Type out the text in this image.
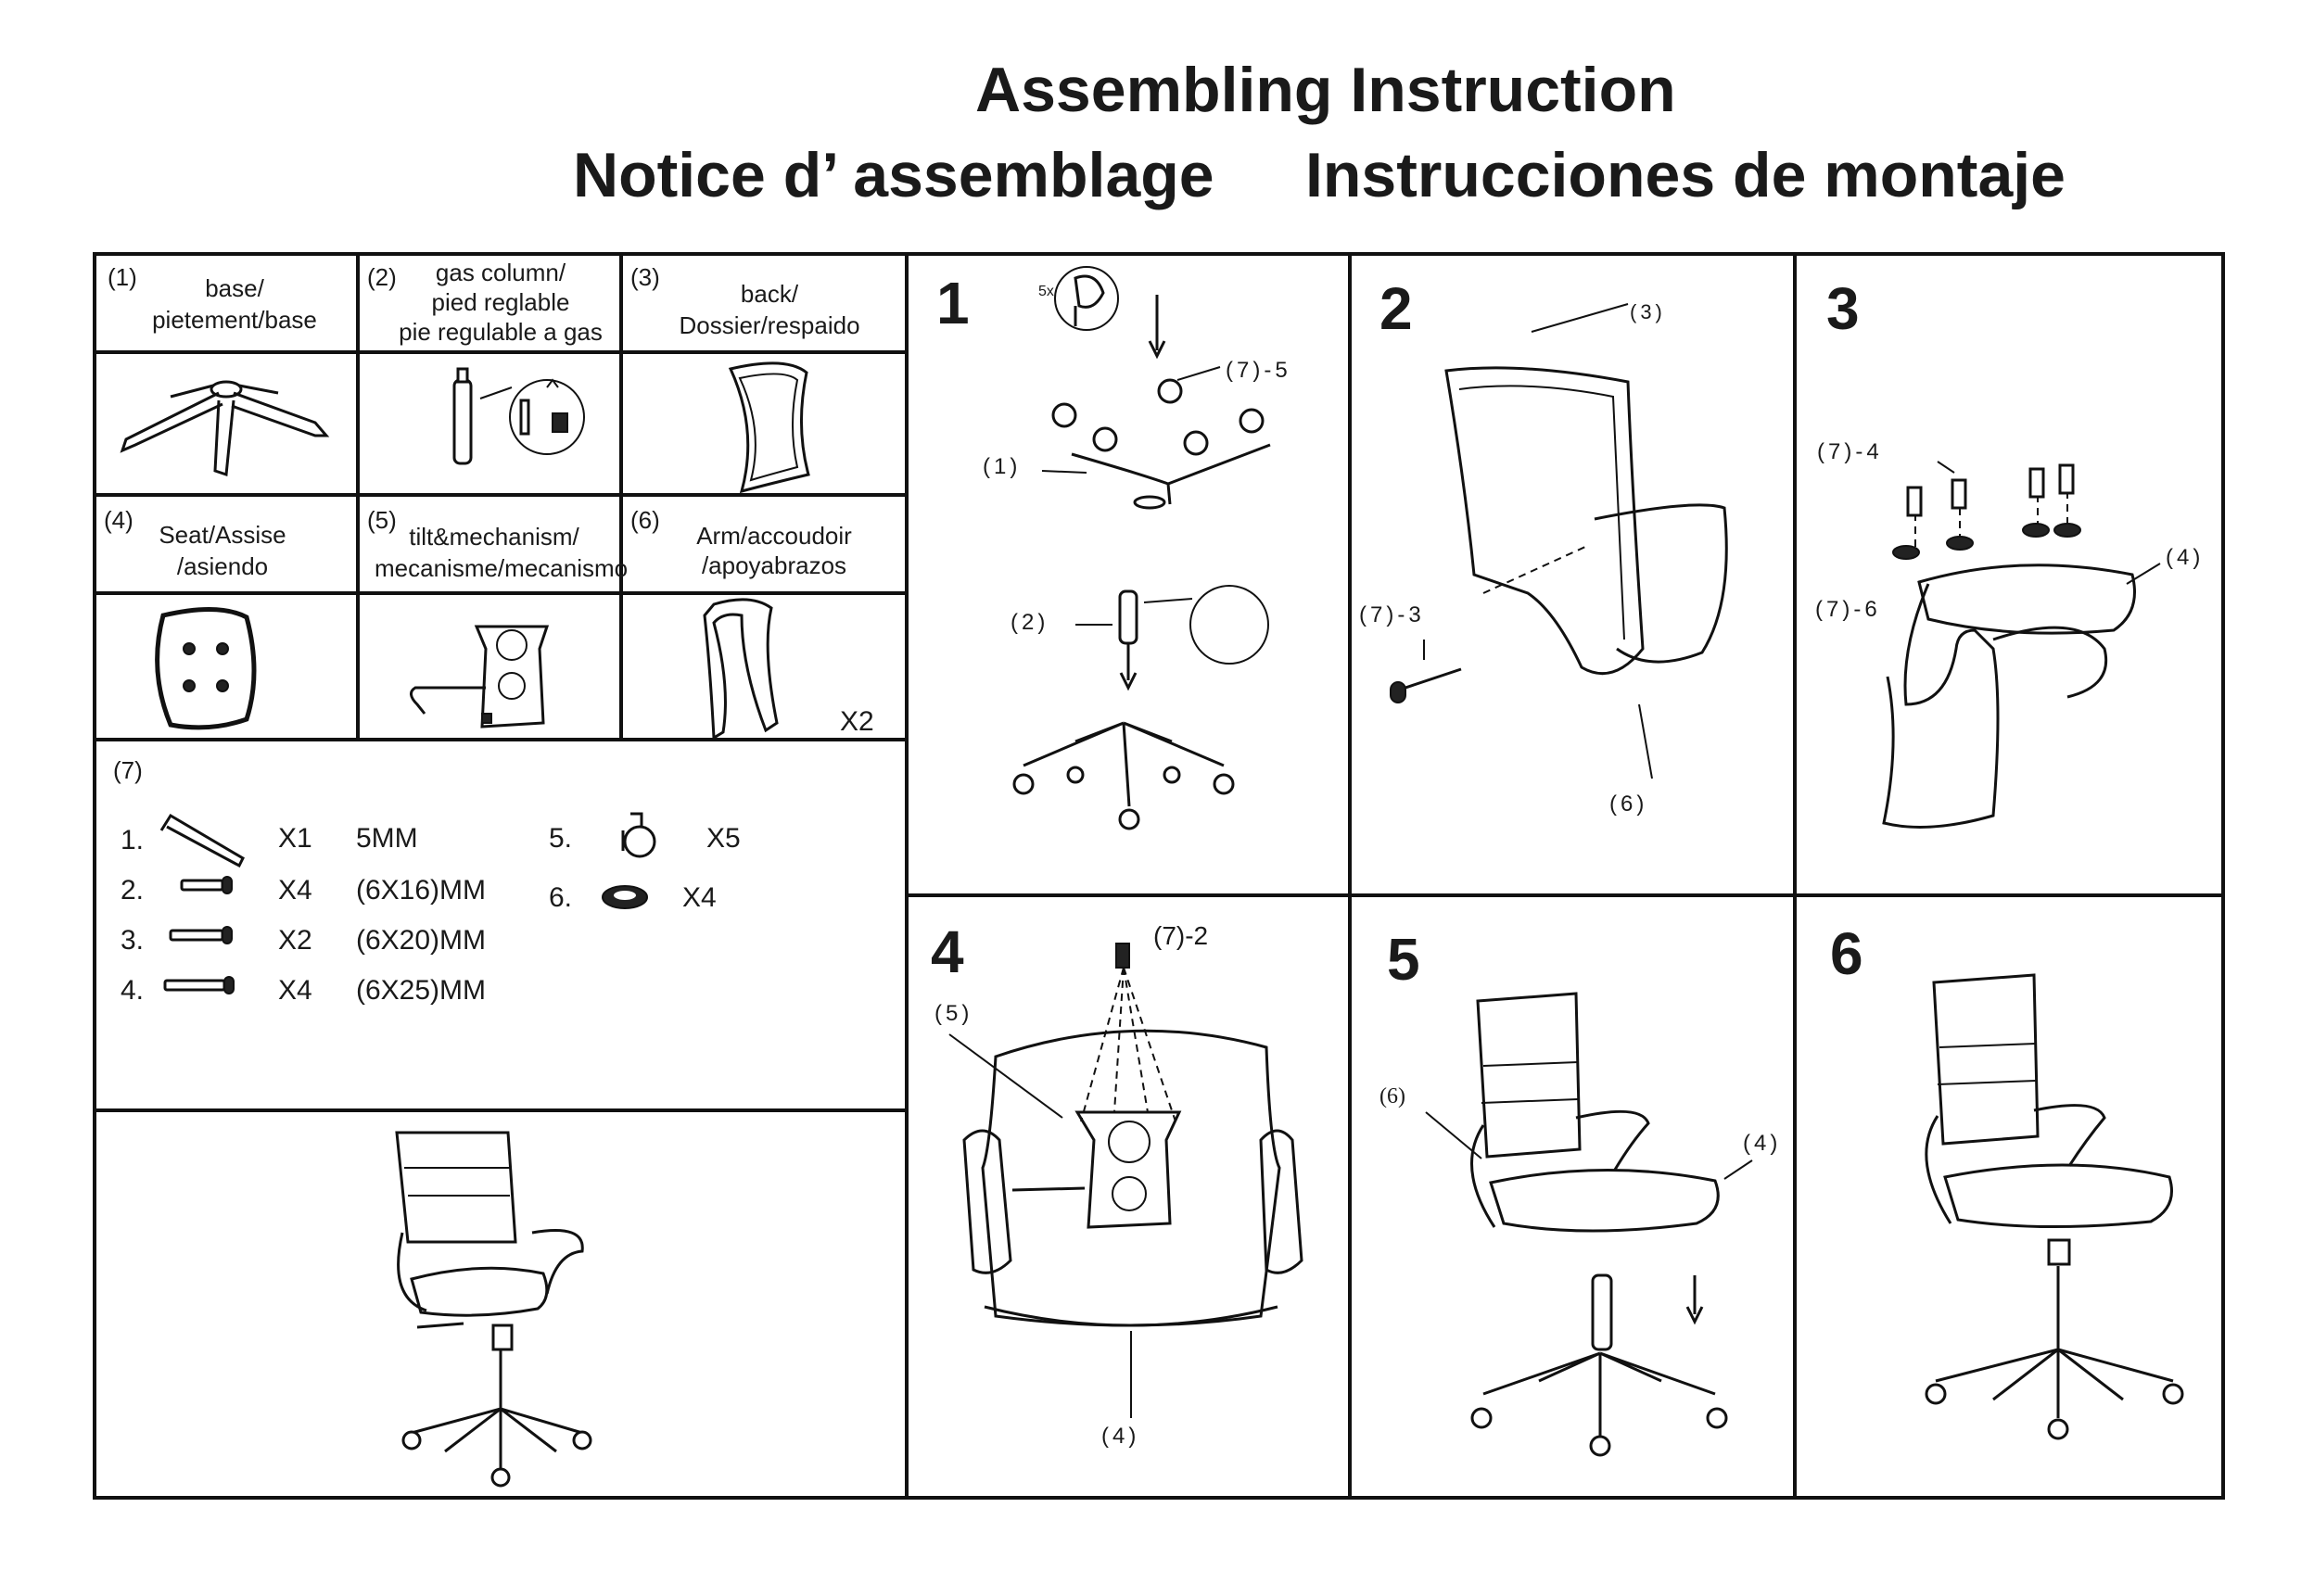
Assembling Instruction
Notice d’ assemblage Instrucciones de montaje
(1)	base/
pietement/base
(2)	gas column/
pied reglable
pie regulable a gas
(3)
back/
Dossier/respaido
(4)
Seat/Assise
/asiendo
(5)
tilt&mechanism/
mecanisme/mecanismo
(6)
Arm/accoudoir
/apoyabrazos
X2
(7)
1.	X1 5MM
2.	X4 (6X16)MM
3.	X2 (6X20)MM
4.	X4 (6X25)MM
5.	X5
6.	X4
1	2	3
4	5	6
5x
(7)-5
(1)
(2)
(3)
(7)-3
(6)
(7)-4
(7)-6
(4)
(7)-2
(5)
(4)
(6)
(4)
